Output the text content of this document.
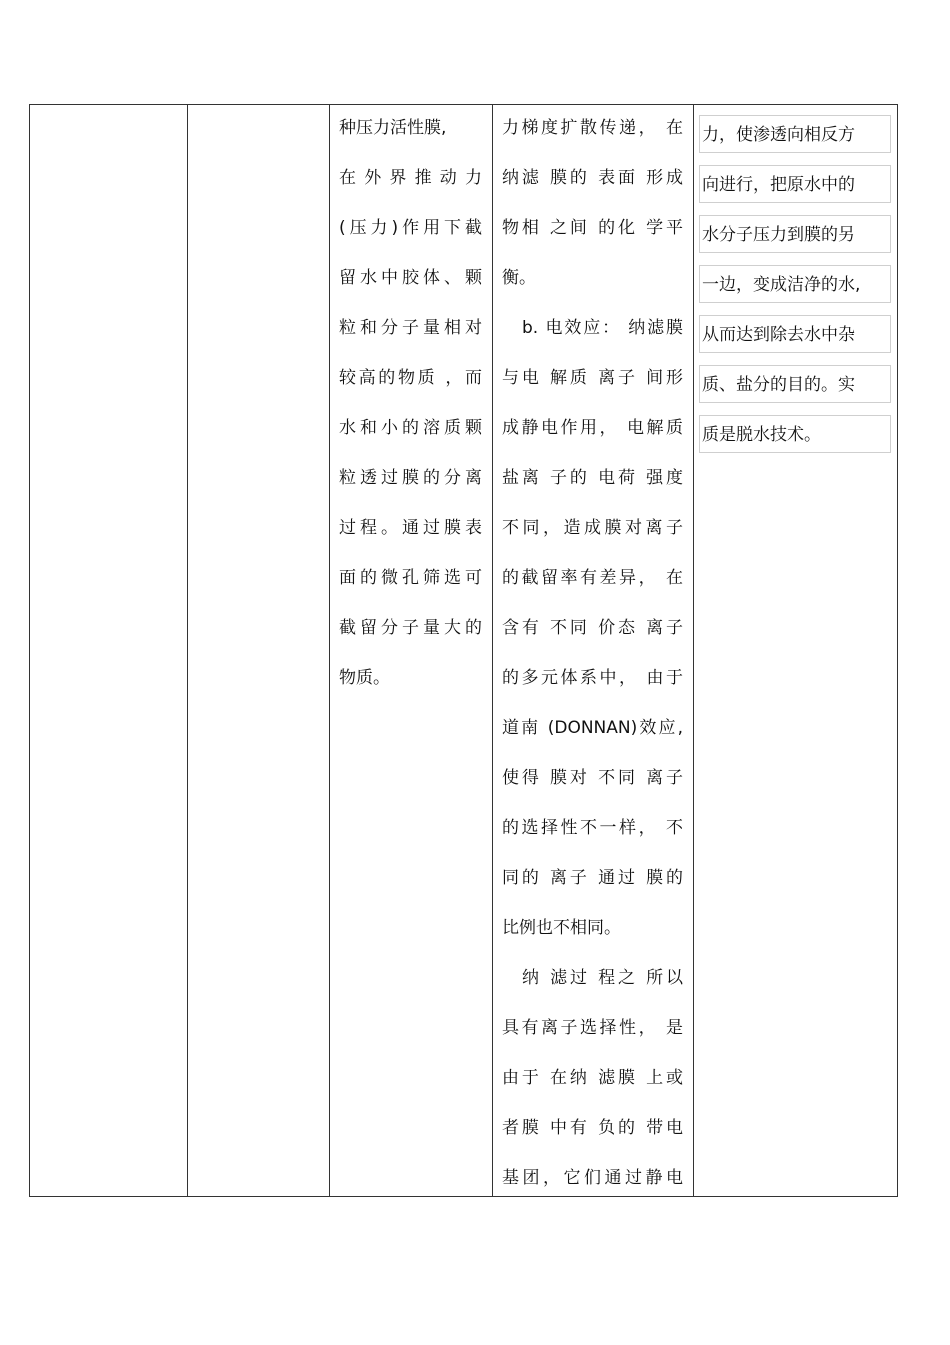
种压力活性膜,
在外界推动力
(压力)作用下截
留水中胶体、颗
粒和分子量相对
较高的物质 ，而
水和小的溶质颗
粒透过膜的分离
过程。通过膜表
面的微孔筛选可
截留分子量大的
物质。
力梯度扩散传递， 在
纳滤 膜的 表面 形成
物相 之间 的化 学平
衡。
b. 电效应： 纳滤膜
与电 解质 离子 间形
成静电作用， 电解质
盐离 子的 电荷 强度
不同，造成膜对离子
的截留率有差异， 在
含有 不同 价态 离子
的多元体系中， 由于
道南 (DONNAN)效应,
使得 膜对 不同 离子
的选择性不一样， 不
同的 离子 通过 膜的
比例也不相同。
纳 滤过 程之 所以
具有离子选择性， 是
由于 在纳 滤膜 上或
者膜 中有 负的 带电
基团，它们通过静电
力，使渗透向相反方
向进行，把原水中的
水分子压力到膜的另
一边，变成洁净的水,
从而达到除去水中杂
质、盐分的目的。实
质是脱水技术。
